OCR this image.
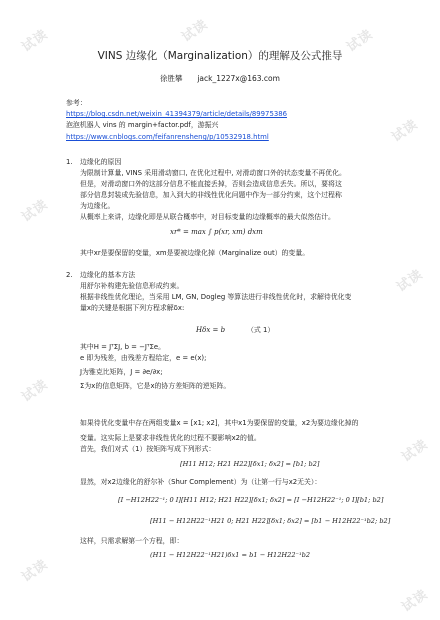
试读	试读	试读
试读
试读
试读
试读
试读
试读
试读
VINS 边缘化（Marginalization）的理解及公式推导
徐胜攀 jack_1227x@163.com
参考：
https://blog.csdn.net/weixin_41394379/article/details/89975386
泡泡机器人 vins 的 margin+factor.pdf，游振兴
https://www.cnblogs.com/feifanrensheng/p/10532918.html
1. 边缘化的原因
为限制计算量, VINS 采用滑动窗口, 在优化过程中, 对滑动窗口外的状态变量不再优化。
但是，对滑动窗口外的这部分信息不能直接丢掉，否则会造成信息丢失。所以，要将这
部分信息封装成先验信息，加入到大的非线性优化问题中作为一部分约束，这个过程称
为边缘化。
从概率上来讲，边缘化即是从联合概率中，对目标变量的边缘概率的最大似然估计。
xr* = max ∫ p(xr, xm) dxm
其中xr是要保留的变量，xm是要被边缘化掉（Marginalize out）的变量。
2. 边缘化的基本方法
用舒尔补构建先验信息形成约束。
根据非线性优化理论，当采用 LM, GN, Dogleg 等算法进行非线性优化时，求解待优化变
量x的关键是根据下列方程求解δx:
Hδx = b	（式 1）
其中H = JᵀΣJ, b = −JᵀΣe。
e 即为残差，由残差方程给定，e = e(x);
J为雅克比矩阵，J = ∂e/∂x;
Σ为x的信息矩阵，它是x的协方差矩阵的逆矩阵。
如果待优化变量中存在两组变量x = [x1; x2]，其中x1为要保留的变量，x2为要边缘化掉的
变量。这实际上是要求非线性优化的过程不要影响x2的值。
首先，我们对式（1）按矩阵写成下列形式：
[H11 H12; H21 H22][δx1; δx2] = [b1; b2]
显然，对x2边缘化的舒尔补（Shur Complement）为（让第一行与x2无关）：
[I −H12H22⁻¹; 0 I][H11 H12; H21 H22][δx1; δx2] = [I −H12H22⁻¹; 0 I][b1; b2]
[H11 − H12H22⁻¹H21 0; H21 H22][δx1; δx2] = [b1 − H12H22⁻¹b2; b2]
这样，只需求解第一个方程，即：
(H11 − H12H22⁻¹H21)δx1 = b1 − H12H22⁻¹b2
